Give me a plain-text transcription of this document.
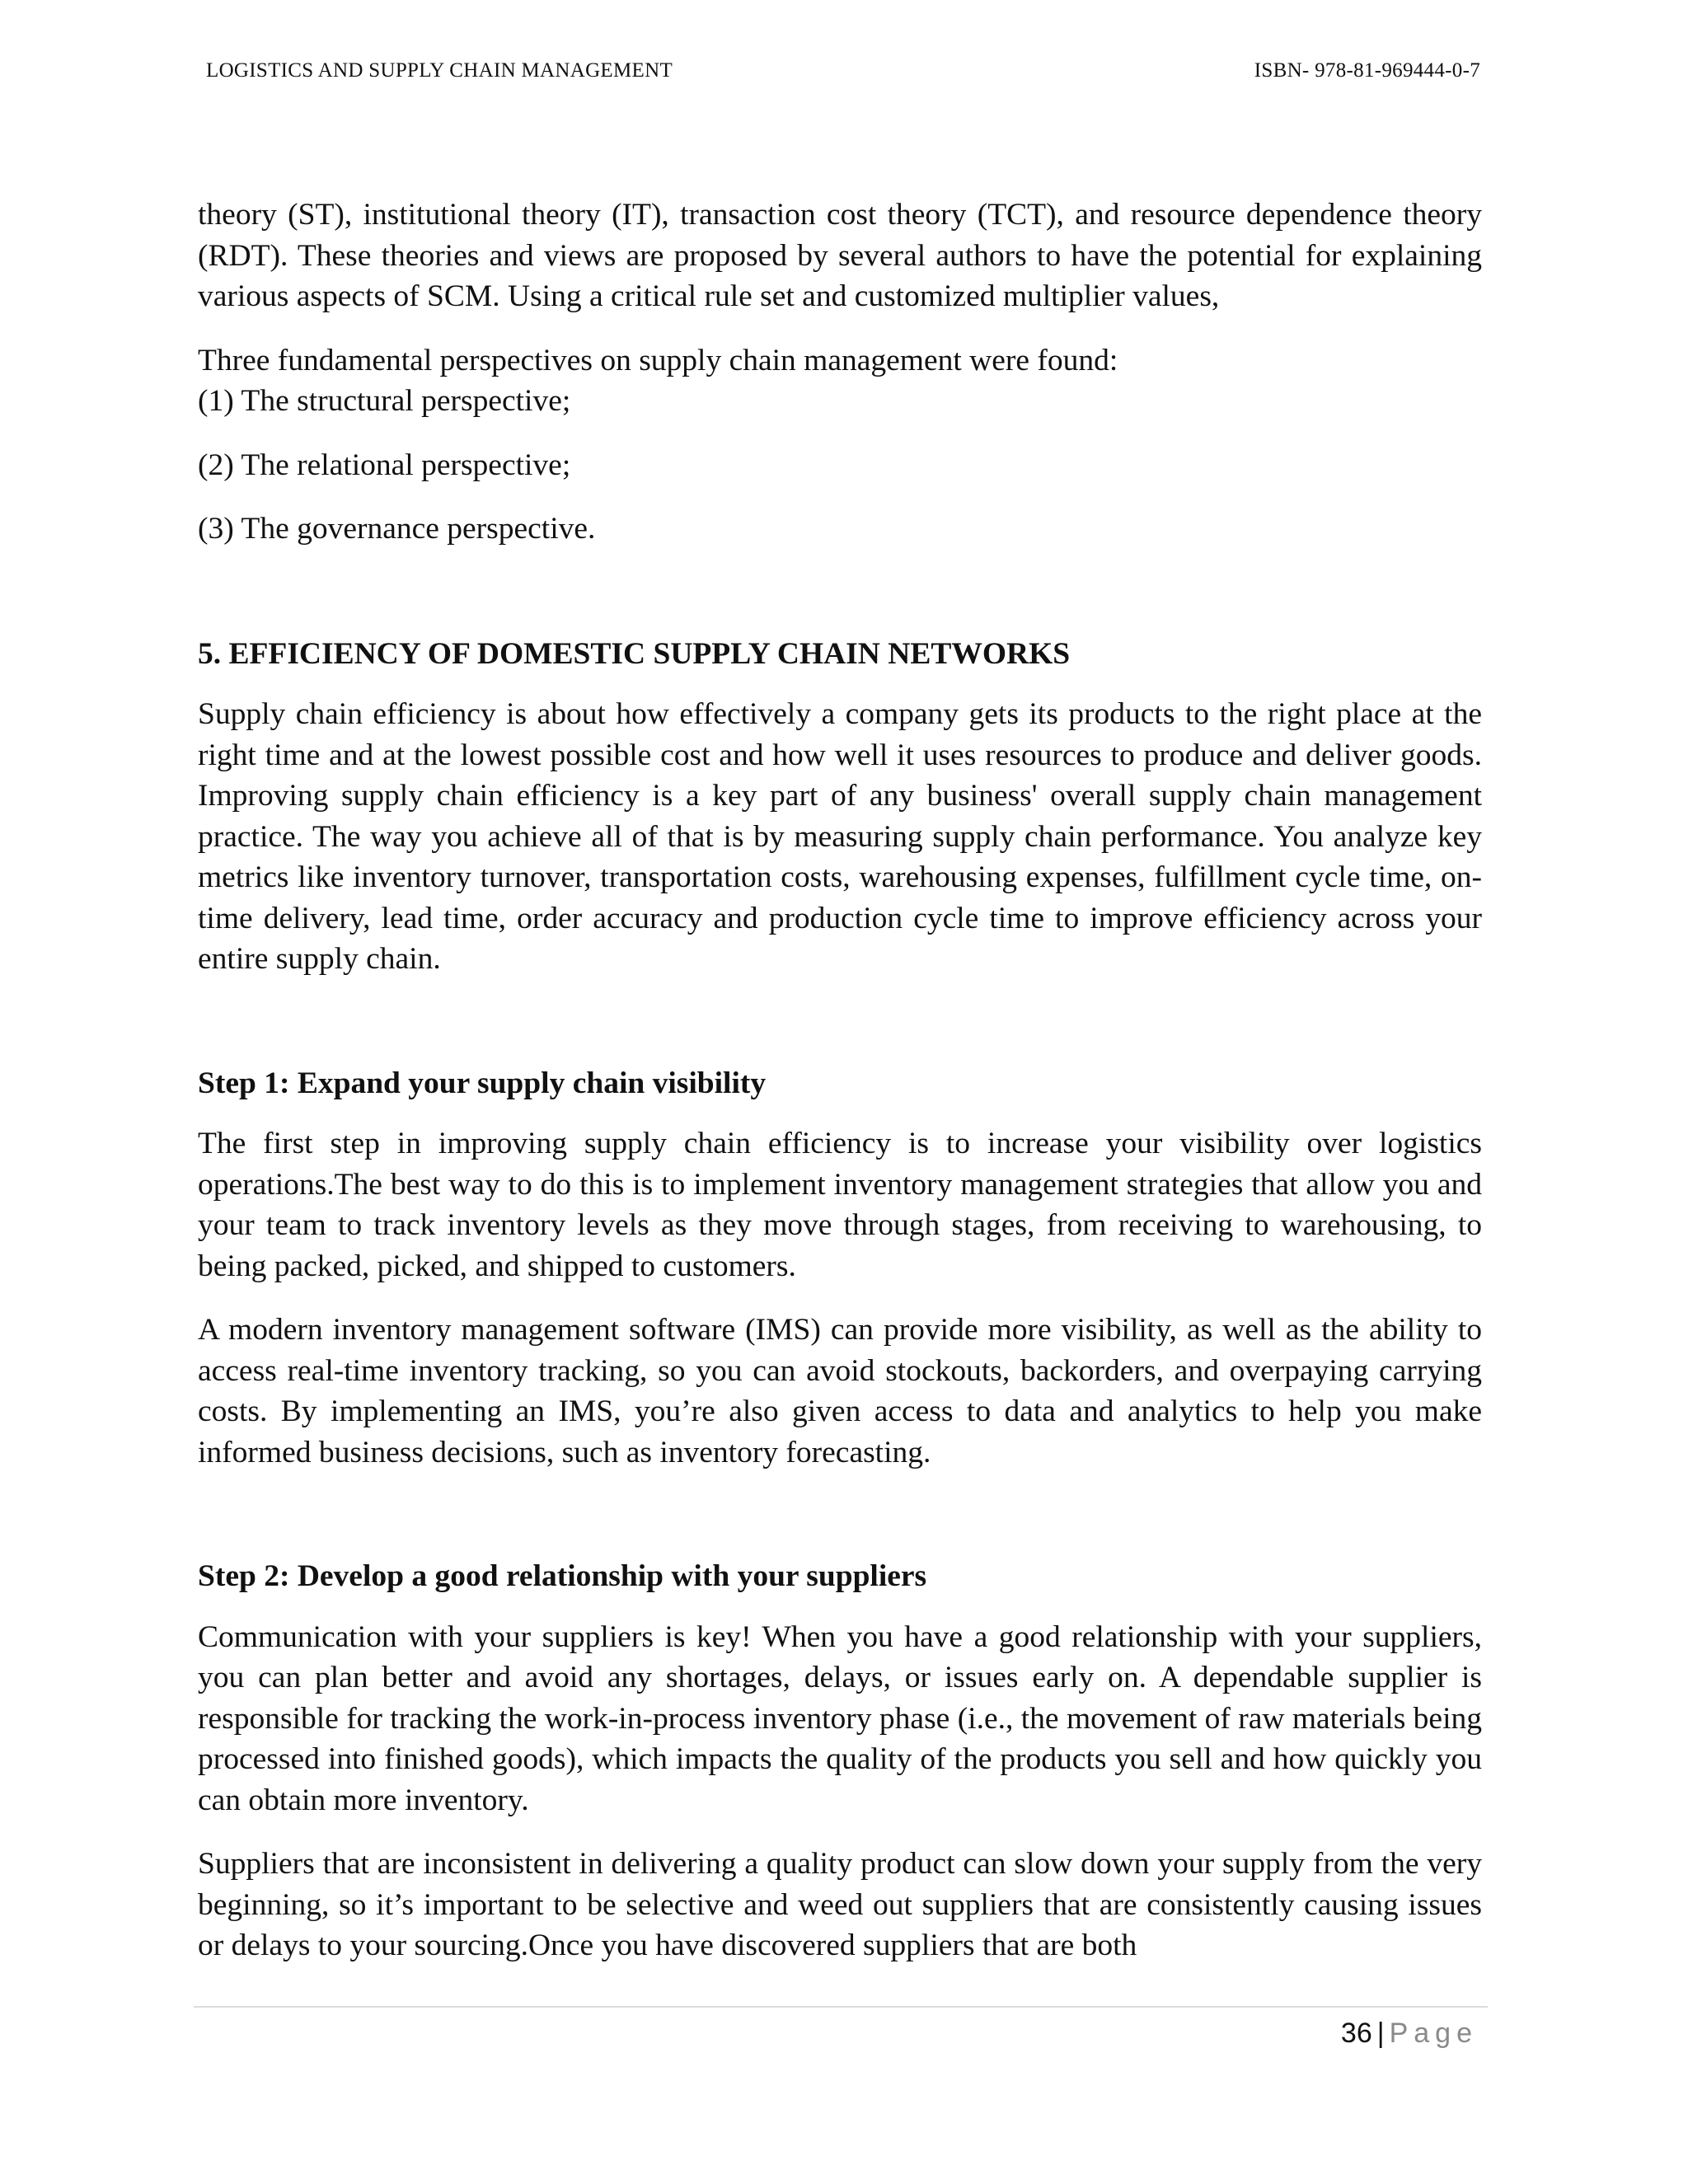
LOGISTICS AND SUPPLY CHAIN MANAGEMENT	ISBN- 978-81-969444-0-7

theory (ST), institutional theory (IT), transaction cost theory (TCT), and resource dependence theory (RDT). These theories and views are proposed by several authors to have the potential for explaining various aspects of SCM. Using a critical rule set and customized multiplier values,

Three fundamental perspectives on supply chain management were found:

(1) The structural perspective;

(2) The relational perspective;

(3) The governance perspective.

5. EFFICIENCY OF DOMESTIC SUPPLY CHAIN NETWORKS

Supply chain efficiency is about how effectively a company gets its products to the right place at the right time and at the lowest possible cost and how well it uses resources to produce and deliver goods. Improving supply chain efficiency is a key part of any business' overall supply chain management practice. The way you achieve all of that is by measuring supply chain performance. You analyze key metrics like inventory turnover, transportation costs, warehousing expenses, fulfillment cycle time, on-time delivery, lead time, order accuracy and production cycle time to improve efficiency across your entire supply chain.

Step 1: Expand your supply chain visibility

The first step in improving supply chain efficiency is to increase your visibility over logistics operations.The best way to do this is to implement inventory management strategies that allow you and your team to track inventory levels as they move through stages, from receiving to warehousing, to being packed, picked, and shipped to customers.

A modern inventory management software (IMS) can provide more visibility, as well as the ability to access real-time inventory tracking, so you can avoid stockouts, backorders, and overpaying carrying costs. By implementing an IMS, you’re also given access to data and analytics to help you make informed business decisions, such as inventory forecasting.

Step 2: Develop a good relationship with your suppliers

Communication with your suppliers is key! When you have a good relationship with your suppliers, you can plan better and avoid any shortages, delays, or issues early on. A dependable supplier is responsible for tracking the work-in-process inventory phase (i.e., the movement of raw materials being processed into finished goods), which impacts the quality of the products you sell and how quickly you can obtain more inventory.

Suppliers that are inconsistent in delivering a quality product can slow down your supply from the very beginning, so it’s important to be selective and weed out suppliers that are consistently causing issues or delays to your sourcing.Once you have discovered suppliers that are both

36 | Page
